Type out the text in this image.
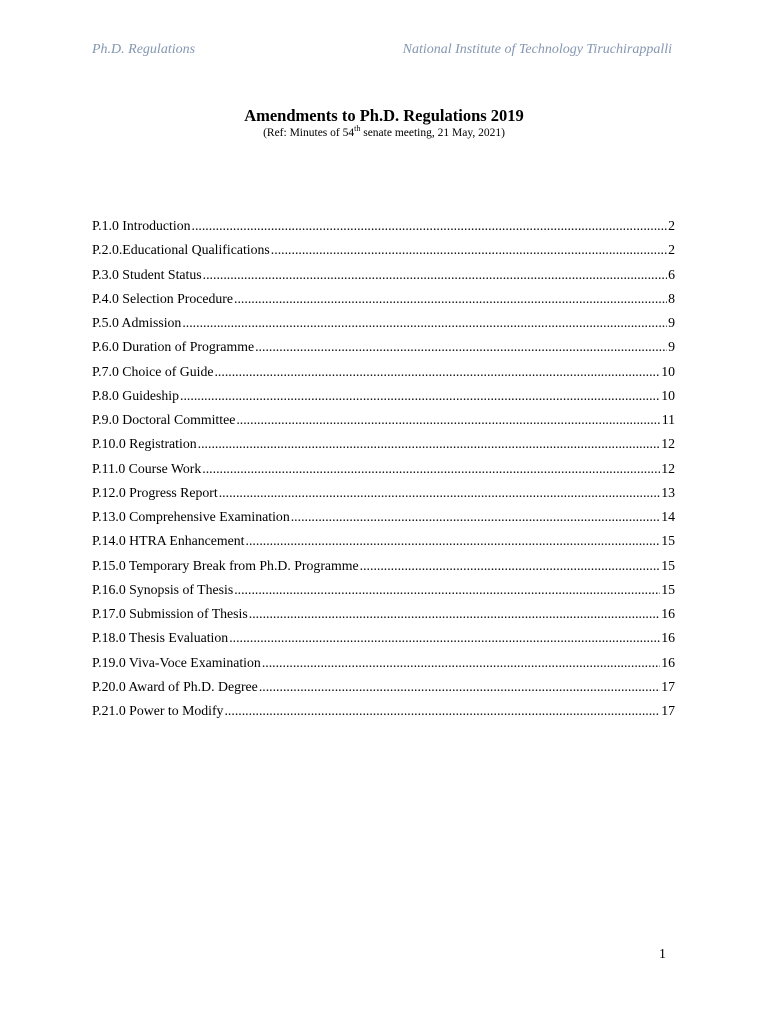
Ph.D. Regulations	National Institute of Technology Tiruchirappalli
Amendments to Ph.D. Regulations 2019
(Ref: Minutes of 54th senate meeting, 21 May, 2021)
P.1.0 Introduction .....	2
P.2.0.Educational Qualifications .....	2
P.3.0 Student Status .....	6
P.4.0 Selection Procedure .....	8
P.5.0 Admission .....	9
P.6.0 Duration of Programme .....	9
P.7.0 Choice of Guide .....	10
P.8.0 Guideship .....	10
P.9.0 Doctoral Committee .....	11
P.10.0 Registration .....	12
P.11.0 Course Work .....	12
P.12.0 Progress Report .....	13
P.13.0 Comprehensive Examination .....	14
P.14.0 HTRA Enhancement .....	15
P.15.0 Temporary Break from Ph.D. Programme .....	15
P.16.0 Synopsis of Thesis .....	15
P.17.0 Submission of Thesis .....	16
P.18.0 Thesis Evaluation .....	16
P.19.0 Viva-Voce Examination .....	16
P.20.0 Award of Ph.D. Degree .....	17
P.21.0 Power to Modify .....	17
1
